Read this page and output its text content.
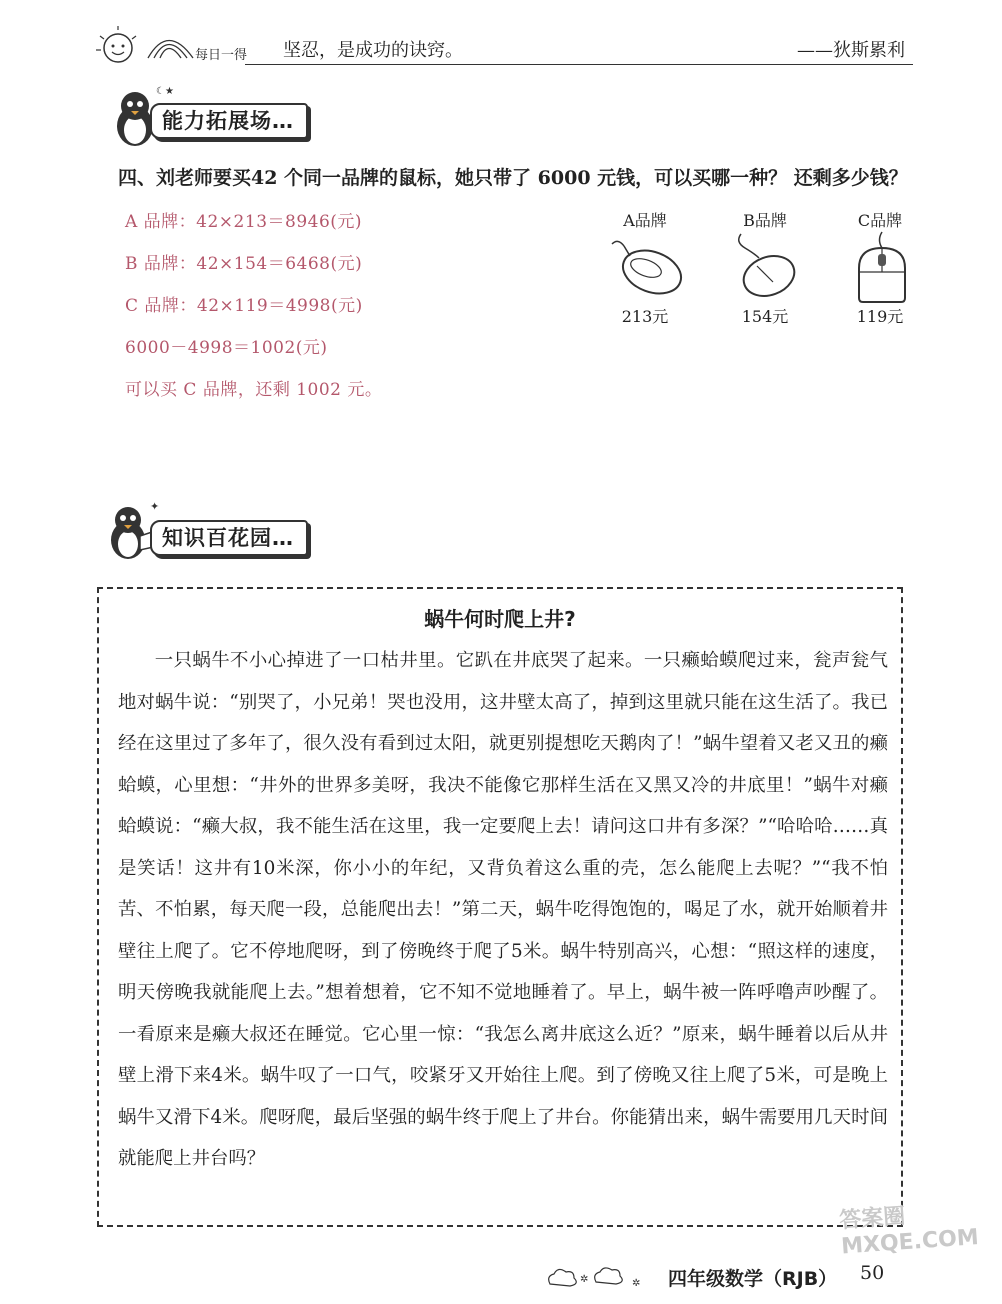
每日一得 坚忍，是成功的诀窍。	——狄斯累利
☾★
能力拓展场…
四、刘老师要买42 个同一品牌的鼠标，她只带了 6000 元钱，可以买哪一种？ 还剩多少钱？
A 品牌：42×213＝8946(元)
B 品牌：42×154＝6468(元)
C 品牌：42×119＝4998(元)
6000－4998＝1002(元)
可以买 C 品牌，还剩 1002 元。
A品牌
213元
B品牌
154元
C品牌
119元
✦
知识百花园…
蜗牛何时爬上井?

一只蜗牛不小心掉进了一口枯井里。它趴在井底哭了起来。一只癞蛤蟆爬过来，瓮声瓮气地对蜗牛说：“别哭了，小兄弟！哭也没用，这井壁太高了，掉到这里就只能在这生活了。我已经在这里过了多年了，很久没有看到过太阳，就更别提想吃天鹅肉了！”蜗牛望着又老又丑的癞蛤蟆，心里想：“井外的世界多美呀，我决不能像它那样生活在又黑又冷的井底里！”蜗牛对癞蛤蟆说：“癞大叔，我不能生活在这里，我一定要爬上去！请问这口井有多深？”“哈哈哈……真是笑话！这井有10米深，你小小的年纪，又背负着这么重的壳，怎么能爬上去呢？”“我不怕苦、不怕累，每天爬一段，总能爬出去！”第二天，蜗牛吃得饱饱的，喝足了水，就开始顺着井壁往上爬了。它不停地爬呀，到了傍晚终于爬了5米。蜗牛特别高兴，心想：“照这样的速度，明天傍晚我就能爬上去。”想着想着，它不知不觉地睡着了。早上，蜗牛被一阵呼噜声吵醒了。一看原来是癞大叔还在睡觉。它心里一惊：“我怎么离井底这么近？”原来，蜗牛睡着以后从井壁上滑下来4米。蜗牛叹了一口气，咬紧牙又开始往上爬。到了傍晚又往上爬了5米，可是晚上蜗牛又滑下4米。爬呀爬，最后坚强的蜗牛终于爬上了井台。你能猜出来，蜗牛需要用几天时间就能爬上井台吗？

✲	✲ 四年级数学（RJB） 50
答案圈 MXQE.COM
